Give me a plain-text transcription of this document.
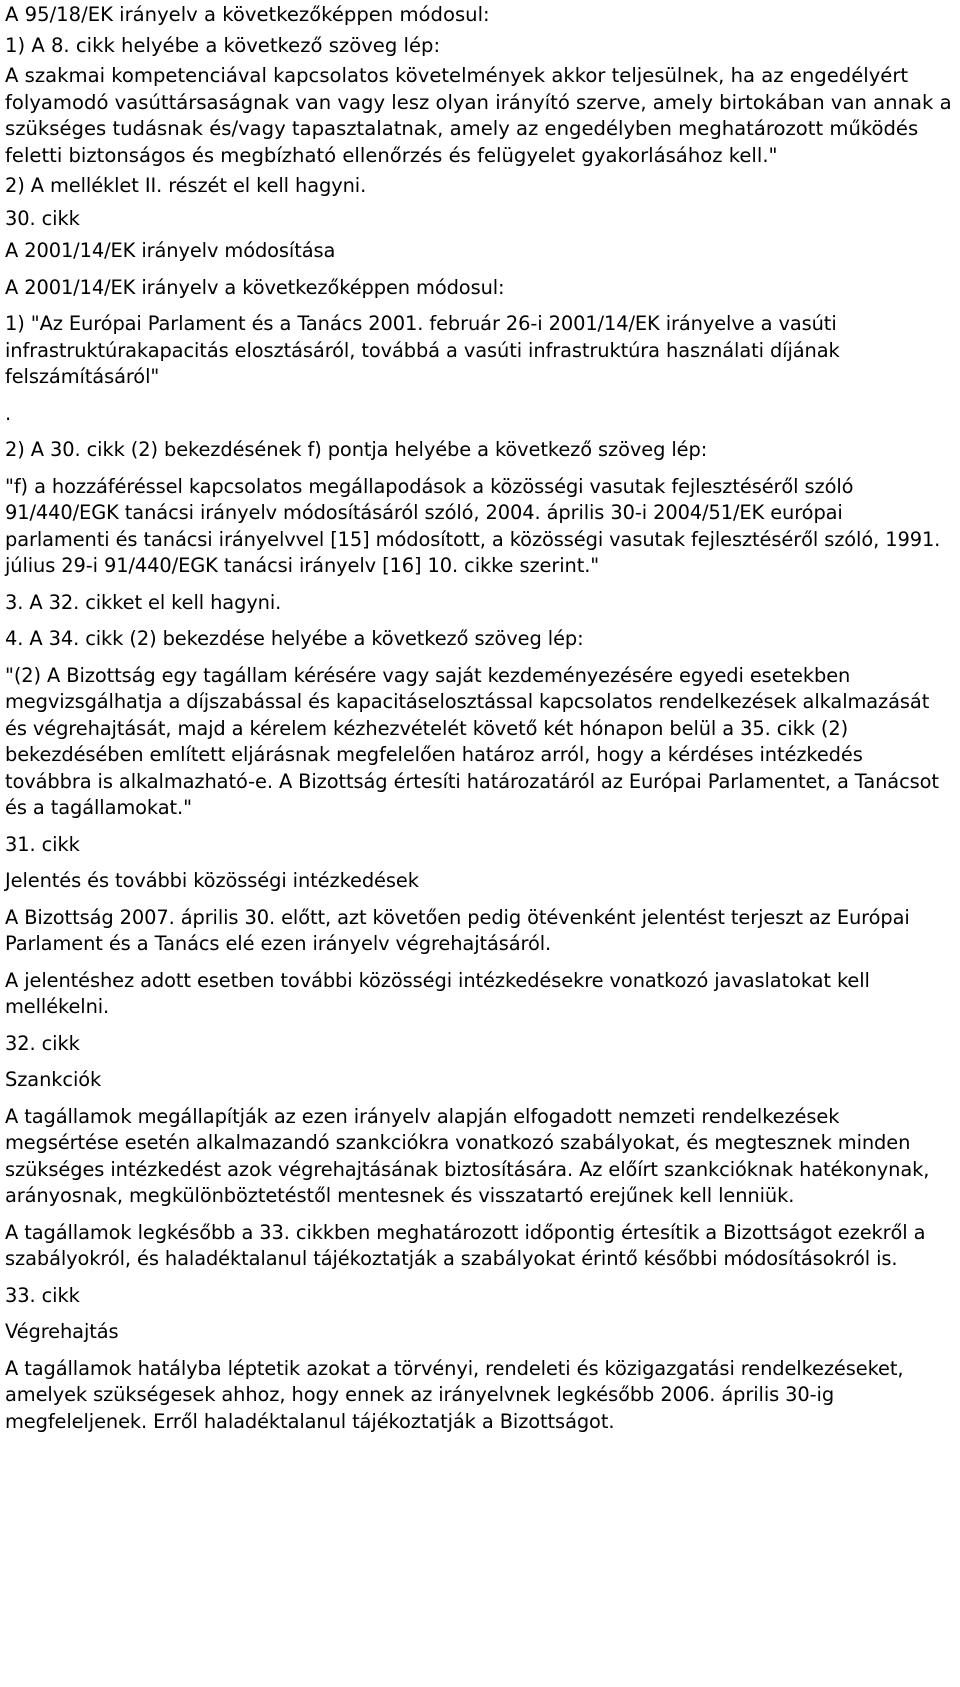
A 95/18/EK irányelv a következőképpen módosul:

1) A 8. cikk helyébe a következő szöveg lép:

A szakmai kompetenciával kapcsolatos követelmények akkor teljesülnek, ha az engedélyért folyamodó vasúttársaságnak van vagy lesz olyan irányító szerve, amely birtokában van annak a szükséges tudásnak és/vagy tapasztalatnak, amely az engedélyben meghatározott működés feletti biztonságos és megbízható ellenőrzés és felügyelet gyakorlásához kell."

2) A melléklet II. részét el kell hagyni.

30. cikk

A 2001/14/EK irányelv módosítása

A 2001/14/EK irányelv a következőképpen módosul:

1) "Az Európai Parlament és a Tanács 2001. február 26-i 2001/14/EK irányelve a vasúti infrastruktúrakapacitás elosztásáról, továbbá a vasúti infrastruktúra használati díjának felszámításáról"

.

2) A 30. cikk (2) bekezdésének f) pontja helyébe a következő szöveg lép:

"f) a hozzáféréssel kapcsolatos megállapodások a közösségi vasutak fejlesztéséről szóló 91/440/EGK tanácsi irányelv módosításáról szóló, 2004. április 30-i 2004/51/EK európai parlamenti és tanácsi irányelvvel [15] módosított, a közösségi vasutak fejlesztéséről szóló, 1991. július 29-i 91/440/EGK tanácsi irányelv [16] 10. cikke szerint."

3. A 32. cikket el kell hagyni.

4. A 34. cikk (2) bekezdése helyébe a következő szöveg lép:

"(2) A Bizottság egy tagállam kérésére vagy saját kezdeményezésére egyedi esetekben megvizsgálhatja a díjszabással és kapacitáselosztással kapcsolatos rendelkezések alkalmazását és végrehajtását, majd a kérelem kézhezvételét követő két hónapon belül a 35. cikk (2) bekezdésében említett eljárásnak megfelelően határoz arról, hogy a kérdéses intézkedés továbbra is alkalmazható-e. A Bizottság értesíti határozatáról az Európai Parlamentet, a Tanácsot és a tagállamokat."

31. cikk

Jelentés és további közösségi intézkedések

A Bizottság 2007. április 30. előtt, azt követően pedig ötévenként jelentést terjeszt az Európai Parlament és a Tanács elé ezen irányelv végrehajtásáról.

A jelentéshez adott esetben további közösségi intézkedésekre vonatkozó javaslatokat kell mellékelni.

32. cikk

Szankciók

A tagállamok megállapítják az ezen irányelv alapján elfogadott nemzeti rendelkezések megsértése esetén alkalmazandó szankciókra vonatkozó szabályokat, és megtesznek minden szükséges intézkedést azok végrehajtásának biztosítására. Az előírt szankcióknak hatékonynak, arányosnak, megkülönböztetéstől mentesnek és visszatartó erejűnek kell lenniük.

A tagállamok legkésőbb a 33. cikkben meghatározott időpontig értesítik a Bizottságot ezekről a szabályokról, és haladéktalanul tájékoztatják a szabályokat érintő későbbi módosításokról is.

33. cikk

Végrehajtás

A tagállamok hatályba léptetik azokat a törvényi, rendeleti és közigazgatási rendelkezéseket, amelyek szükségesek ahhoz, hogy ennek az irányelvnek legkésőbb 2006. április 30-ig megfeleljenek. Erről haladéktalanul tájékoztatják a Bizottságot.
